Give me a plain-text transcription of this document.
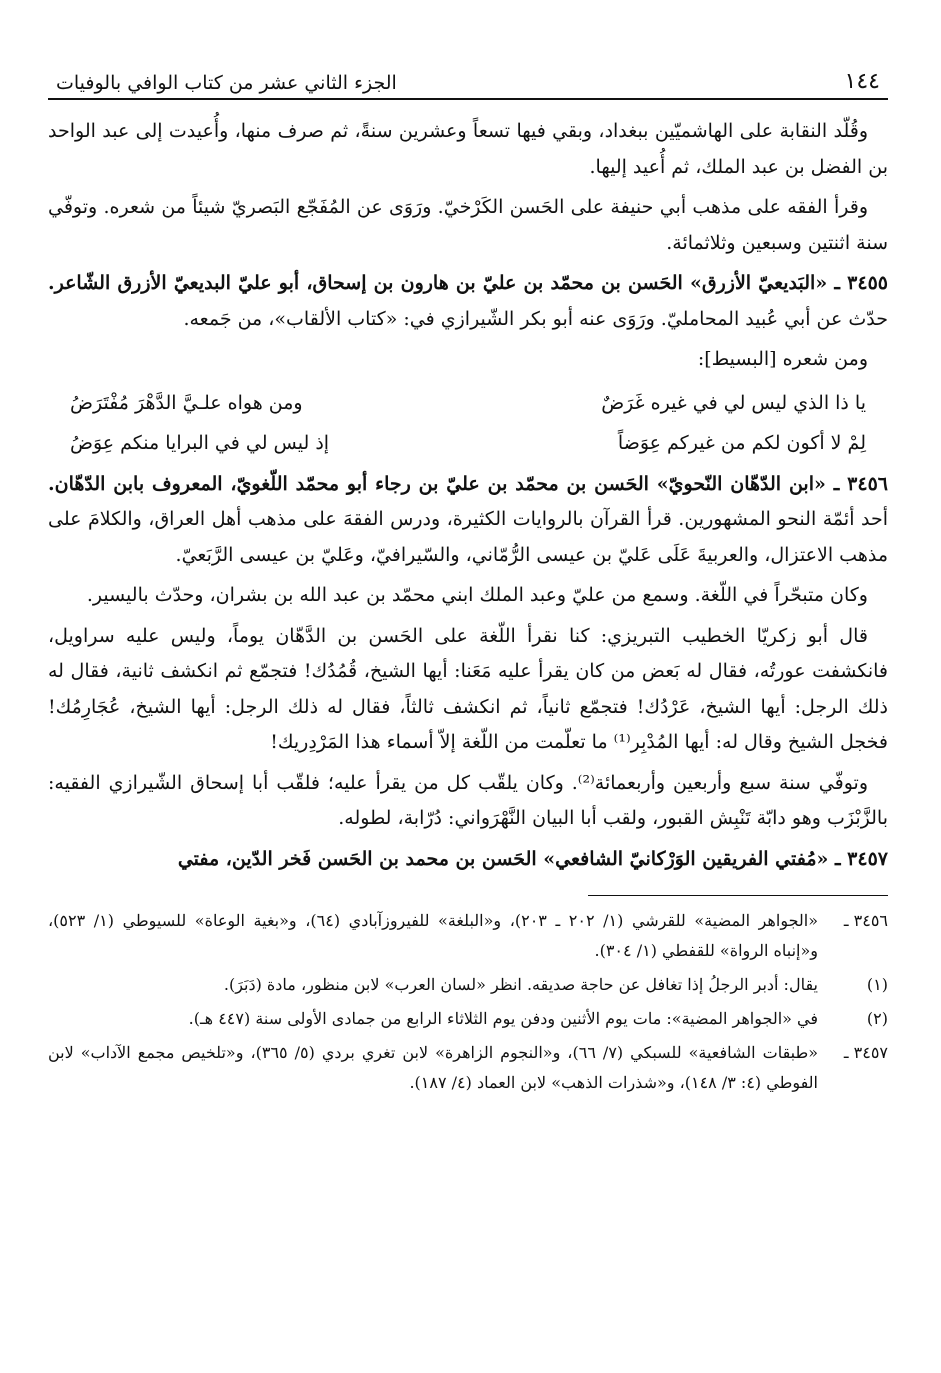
١٤٤
الجزء الثاني عشر من كتاب الوافي بالوفيات

وقُلّد النقابة على الهاشميّين ببغداد، وبقي فيها تسعاً وعشرين سنةً، ثم صرف منها، وأُعيدت إلى عبد الواحد بن الفضل بن عبد الملك، ثم أُعيد إليها.

وقرأ الفقه على مذهب أبي حنيفة على الحَسن الكَرْخيّ. ورَوَى عن المُفَجّع البَصريّ شيئاً من شعره. وتوفّي سنة اثنتين وسبعين وثلاثمائة.

٣٤٥٥ ـ «البَديعيّ الأزرق» الحَسن بن محمّد بن عليّ بن هارون بن إسحاق، أبو عليّ البديعيّ الأزرق الشّاعر. حدّث عن أبي عُبيد المحامليّ. ورَوَى عنه أبو بكر الشّيرازي في: «كتاب الألقاب»، من جَمعه.

ومن شعره [البسيط]:

يا ذا الذي ليس لي في غيره غَرَضٌ
ومن هواه علـيَّ الدَّهْرَ مُفْتَرَضُ
لِمْ لا أكون لكم من غيركم عِوَضاً
إذ ليس لي في البرايا منكم عِوَضُ

٣٤٥٦ ـ «ابن الدّهّان النّحويّ» الحَسن بن محمّد بن عليّ بن رجاء أبو محمّد اللّغويّ، المعروف بابن الدّهّان. أحد أئمّة النحو المشهورين. قرأ القرآن بالروايات الكثيرة، ودرس الفقهَ على مذهب أهل العراق، والكلامَ على مذهب الاعتزال، والعربيةَ عَلَى عَليّ بن عيسى الرُّمّاني، والسّيرافيّ، وعَليّ بن عيسى الرَّبَعيّ.

وكان متبحّراً في اللّغة. وسمع من عليّ وعبد الملك ابني محمّد بن عبد الله بن بشران، وحدّث باليسير.

قال أبو زكريّا الخطيب التبريزي: كنا نقرأ اللّغة على الحَسن بن الدَّهّان يوماً، وليس عليه سراويل، فانكشفت عورتُه، فقال له بَعض من كان يقرأ عليه مَعَنا: أيها الشيخ، قُمُدُك! فتجمّع ثم انكشف ثانية، فقال له ذلك الرجل: أيها الشيخ، عَرْدُك! فتجمّع ثانياً، ثم انكشف ثالثاً، فقال له ذلك الرجل: أيها الشيخ، عُجَارِمُك! فخجل الشيخ وقال له: أيها المُدْبِر⁽¹⁾ ما تعلّمت من اللّغة إلاّ أسماء هذا المَرْدِريك!

وتوفّي سنة سبع وأربعين وأربعمائة⁽²⁾. وكان يلقّب كل من يقرأ عليه؛ فلقّب أبا إسحاق الشّيرازي الفقيه: بالزَّبْزَب وهو دابّة تَنْبِش القبور، ولقب أبا البيان النَّهْرَواني: دُرّابة، لطوله.

٣٤٥٧ ـ «مُفتي الفريقين الوَرْكانيّ الشافعي» الحَسن بن محمد بن الحَسن فَخر الدّين، مفتي

٣٤٥٦ ـ
«الجواهر المضية» للقرشي (١/ ٢٠٢ ـ ٢٠٣)، و«البلغة» للفيروزآبادي (٦٤)، و«بغية الوعاة» للسيوطي (١/ ٥٢٣)، و«إنباه الرواة» للقفطي (١/ ٣٠٤).
(١)
يقال: أدبر الرجلُ إذا تغافل عن حاجة صديقه. انظر «لسان العرب» لابن منظور، مادة (دَبَرَ).
(٢)
في «الجواهر المضية»: مات يوم الأثنين ودفن يوم الثلاثاء الرابع من جمادى الأولى سنة (٤٤٧ هـ).
٣٤٥٧ ـ
«طبقات الشافعية» للسبكي (٧/ ٦٦)، و«النجوم الزاهرة» لابن تغري بردي (٥/ ٣٦٥)، و«تلخيص مجمع الآداب» لابن الفوطي (٤: ٣/ ١٤٨)، و«شذرات الذهب» لابن العماد (٤/ ١٨٧).
